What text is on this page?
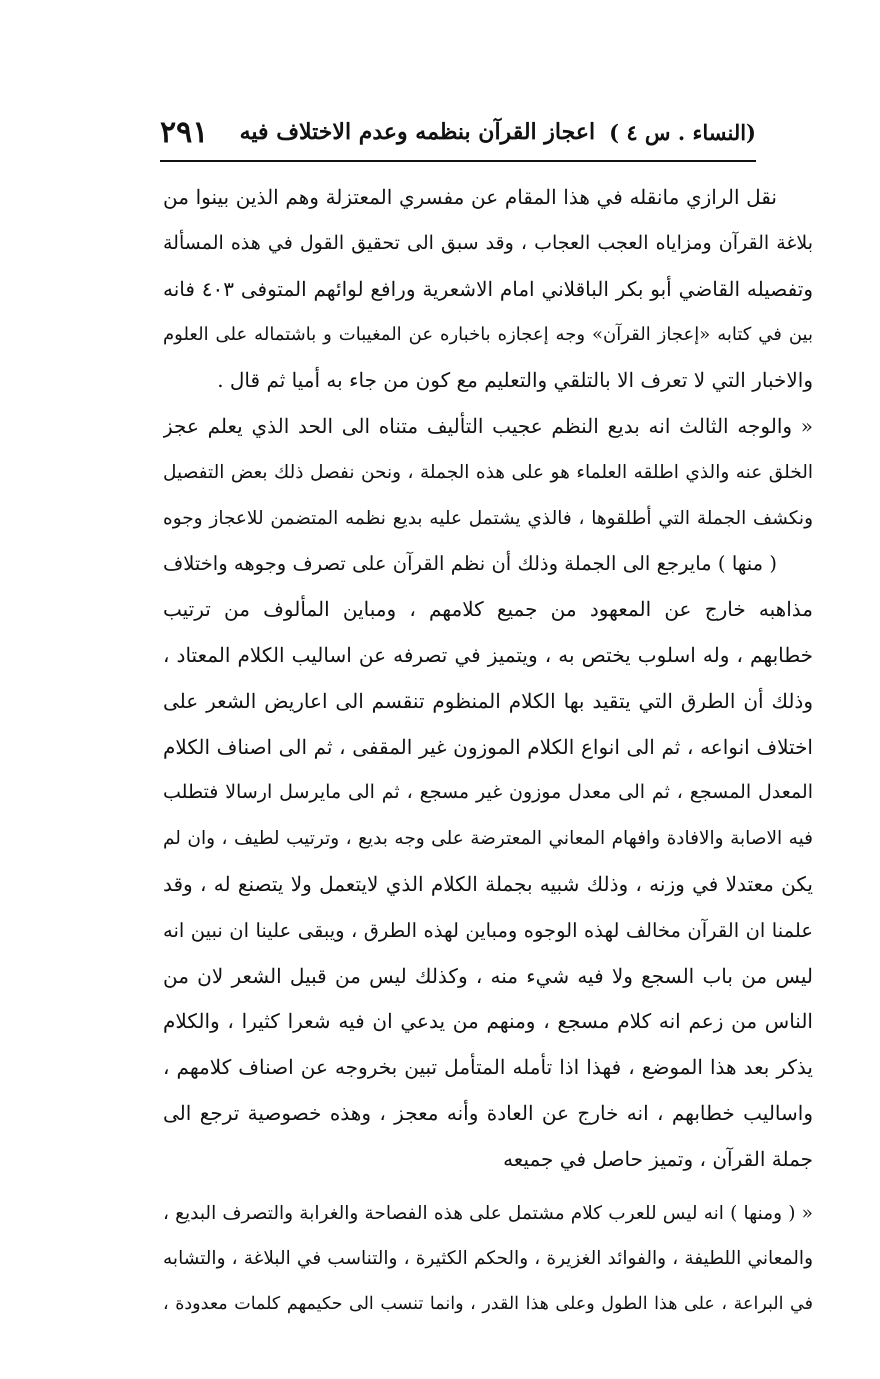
(النساء . س ٤ )
اعجاز القرآن بنظمه وعدم الاختلاف فيه
٢٩١
نقل الرازي مانقله في هذا المقام عن مفسري المعتزلة وهم الذين بينوا من
بلاغة القرآن ومزاياه العجب العجاب ، وقد سبق الى تحقيق القول في هذه المسألة
وتفصيله القاضي أبو بكر الباقلاني امام الاشعرية ورافع لوائهم المتوفى ٤٠٣ فانه
بين في كتابه «إعجاز القرآن» وجه إعجازه باخباره عن المغيبات و باشتماله على العلوم
والاخبار التي لا تعرف الا بالتلقي والتعليم مع كون من جاء به أميا ثم قال .
« والوجه الثالث انه بديع النظم عجيب التأليف متناه الى الحد الذي يعلم عجز
الخلق عنه والذي اطلقه العلماء هو على هذه الجملة ، ونحن نفصل ذلك بعض التفصيل
ونكشف الجملة التي أطلقوها ، فالذي يشتمل عليه بديع نظمه المتضمن للاعجاز وجوه
( منها ) مايرجع الى الجملة وذلك أن نظم القرآن على تصرف وجوهه واختلاف
مذاهبه خارج عن المعهود من جميع كلامهم ، ومباين المألوف من ترتيب
خطابهم ، وله اسلوب يختص به ، ويتميز في تصرفه عن اساليب الكلام المعتاد ،
وذلك أن الطرق التي يتقيد بها الكلام المنظوم تنقسم الى اعاريض الشعر على
اختلاف انواعه ، ثم الى انواع الكلام الموزون غير المقفى ، ثم الى اصناف الكلام
المعدل المسجع ، ثم الى معدل موزون غير مسجع ، ثم الى مايرسل ارسالا فتطلب
فيه الاصابة والافادة وافهام المعاني المعترضة على وجه بديع ، وترتيب لطيف ، وان لم
يكن معتدلا في وزنه ، وذلك شبيه بجملة الكلام الذي لايتعمل ولا يتصنع له ، وقد
علمنا ان القرآن مخالف لهذه الوجوه ومباين لهذه الطرق ، ويبقى علينا ان نبين انه
ليس من باب السجع ولا فيه شيء منه ، وكذلك ليس من قبيل الشعر لان من
الناس من زعم انه كلام مسجع ، ومنهم من يدعي ان فيه شعرا كثيرا ، والكلام
يذكر بعد هذا الموضع ، فهذا اذا تأمله المتأمل تبين بخروجه عن اصناف كلامهم ،
واساليب خطابهم ، انه خارج عن العادة وأنه معجز ، وهذه خصوصية ترجع الى
جملة القرآن ، وتميز حاصل في جميعه
« ( ومنها ) انه ليس للعرب كلام مشتمل على هذه الفصاحة والغرابة والتصرف البديع ،
والمعاني اللطيفة ، والفوائد الغزيرة ، والحكم الكثيرة ، والتناسب في البلاغة ، والتشابه
في البراعة ، على هذا الطول وعلى هذا القدر ، وانما تنسب الى حكيمهم كلمات معدودة ،
